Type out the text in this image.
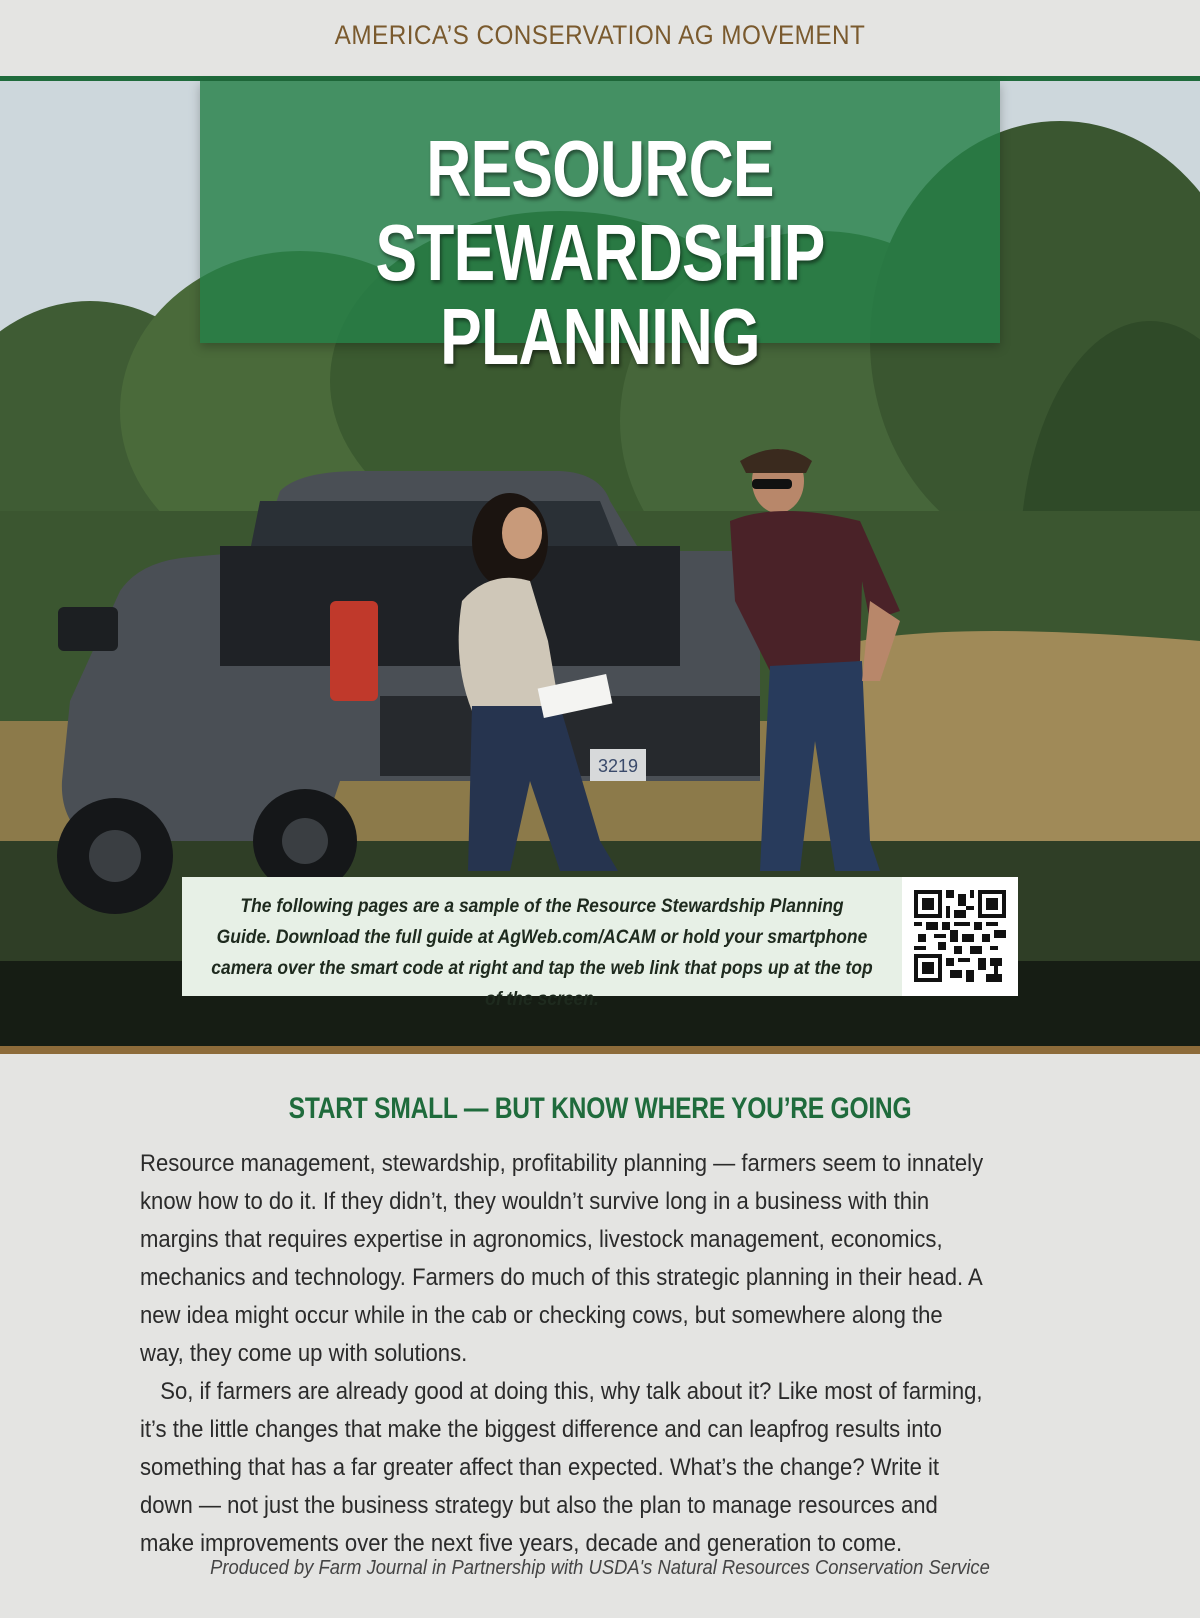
AMERICA’S CONSERVATION AG MOVEMENT
3219
RESOURCE STEWARDSHIP
PLANNING
The following pages are a sample of the Resource Stewardship Planning Guide. Download the full guide at AgWeb.com/ACAM or hold your smartphone camera over the smart code at right and tap the web link that pops up at the top of the screen.
START SMALL — BUT KNOW WHERE YOU’RE GOING

Resource management, stewardship, profitability planning — farmers seem to innately know how to do it. If they didn’t, they wouldn’t survive long in a business with thin margins that requires expertise in agronomics, livestock management, economics, mechanics and technology. Farmers do much of this strategic planning in their head. A new idea might occur while in the cab or checking cows, but somewhere along the way, they come up with solutions.

So, if farmers are already good at doing this, why talk about it? Like most of farming, it’s the little changes that make the biggest difference and can leapfrog results into something that has a far greater affect than expected. What’s the change? Write it down — not just the business strategy but also the plan to manage resources and make improvements over the next five years, decade and generation to come.

Produced by Farm Journal in Partnership with USDA's Natural Resources Conservation Service
